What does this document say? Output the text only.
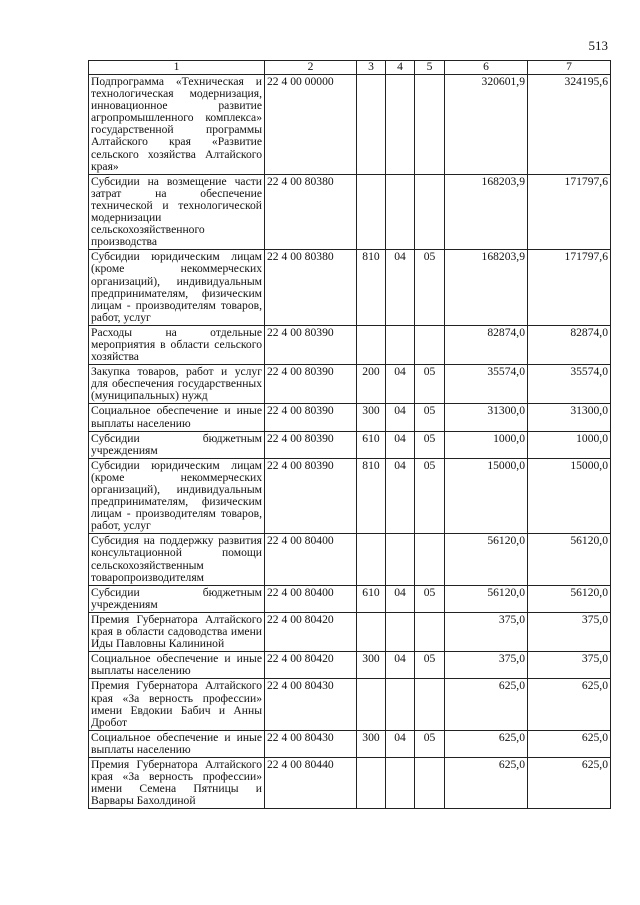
513
1	2	3	4	5	6	7
Подпрограмма «Техническая и технологическая модернизация, инновационное развитие агропромышленного комплекса» государственной программы Алтайского края «Развитие сельского хозяйства Алтайского края»	22 4 00 00000				320601,9	324195,6
Субсидии на возмещение части затрат на обеспечение технической и технологической модернизации сельскохозяйственного производства	22 4 00 80380				168203,9	171797,6
Субсидии юридическим лицам (кроме некоммерческих организаций), индивидуальным предпринимателям, физическим лицам - производителям товаров, работ, услуг	22 4 00 80380	810	04	05	168203,9	171797,6
Расходы на отдельные мероприятия в области сельского хозяйства	22 4 00 80390				82874,0	82874,0
Закупка товаров, работ и услуг для обеспечения государственных (муниципальных) нужд	22 4 00 80390	200	04	05	35574,0	35574,0
Социальное обеспечение и иные выплаты населению	22 4 00 80390	300	04	05	31300,0	31300,0
Субсидии бюджетным учреждениям	22 4 00 80390	610	04	05	1000,0	1000,0
Субсидии юридическим лицам (кроме некоммерческих организаций), индивидуальным предпринимателям, физическим лицам - производителям товаров, работ, услуг	22 4 00 80390	810	04	05	15000,0	15000,0
Субсидия на поддержку развития консультационной помощи сельскохозяйственным товаропроизводителям	22 4 00 80400				56120,0	56120,0
Субсидии бюджетным учреждениям	22 4 00 80400	610	04	05	56120,0	56120,0
Премия Губернатора Алтайского края в области садоводства имени Иды Павловны Калининой	22 4 00 80420				375,0	375,0
Социальное обеспечение и иные выплаты населению	22 4 00 80420	300	04	05	375,0	375,0
Премия Губернатора Алтайского края «За верность профессии» имени Евдокии Бабич и Анны Дробот	22 4 00 80430				625,0	625,0
Социальное обеспечение и иные выплаты населению	22 4 00 80430	300	04	05	625,0	625,0
Премия Губернатора Алтайского края «За верность профессии» имени Семена Пятницы и Варвары Бахолдиной	22 4 00 80440				625,0	625,0
